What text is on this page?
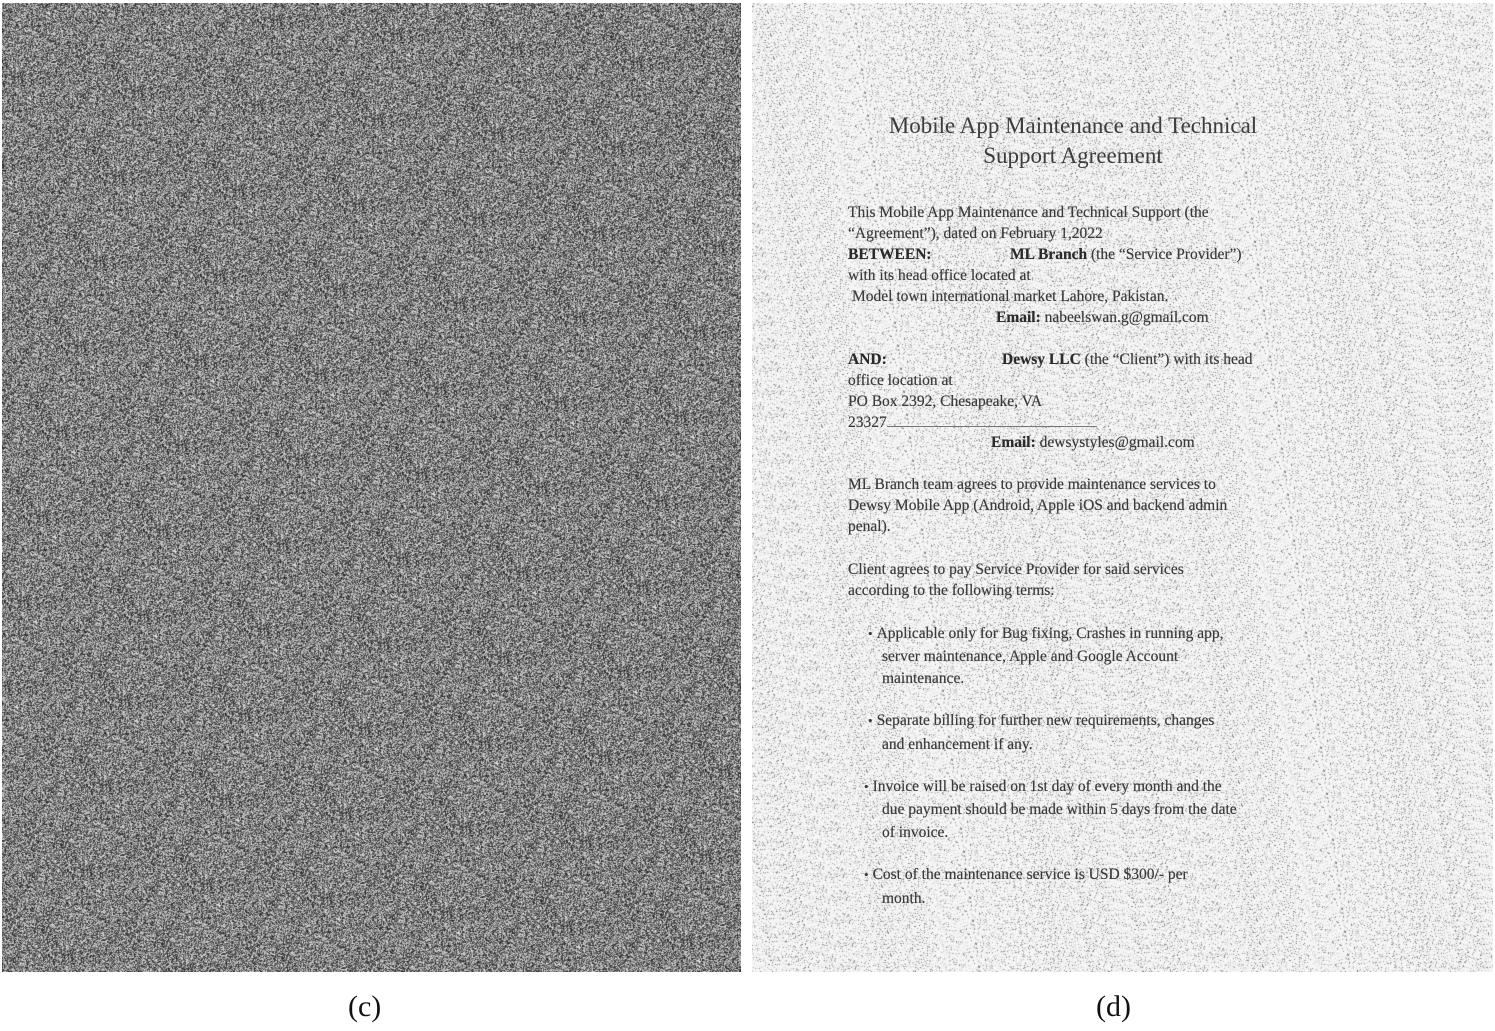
Mobile App Maintenance and Technical
Support Agreement
This Mobile App Maintenance and Technical Support (the
“Agreement”), dated on February 1,2022
BETWEEN:	ML Branch (the “Service Provider”)
with its head office located at
Model town international market Lahore, Pakistan.
Email: nabeelswan.g@gmail.com
AND:	Dewsy LLC (the “Client”) with its head
office location at
PO Box 2392, Chesapeake, VA
23327
Email: dewsystyles@gmail.com
ML Branch team agrees to provide maintenance services to
Dewsy Mobile App (Android, Apple iOS and backend admin
penal).
Client agrees to pay Service Provider for said services
according to the following terms:
• Applicable only for Bug fixing, Crashes in running app,
server maintenance, Apple and Google Account
maintenance.
• Separate billing for further new requirements, changes
and enhancement if any.
• Invoice will be raised on 1st day of every month and the
due payment should be made within 5 days from the date
of invoice.
• Cost of the maintenance service is USD $300/- per
month.
(c)	(d)
